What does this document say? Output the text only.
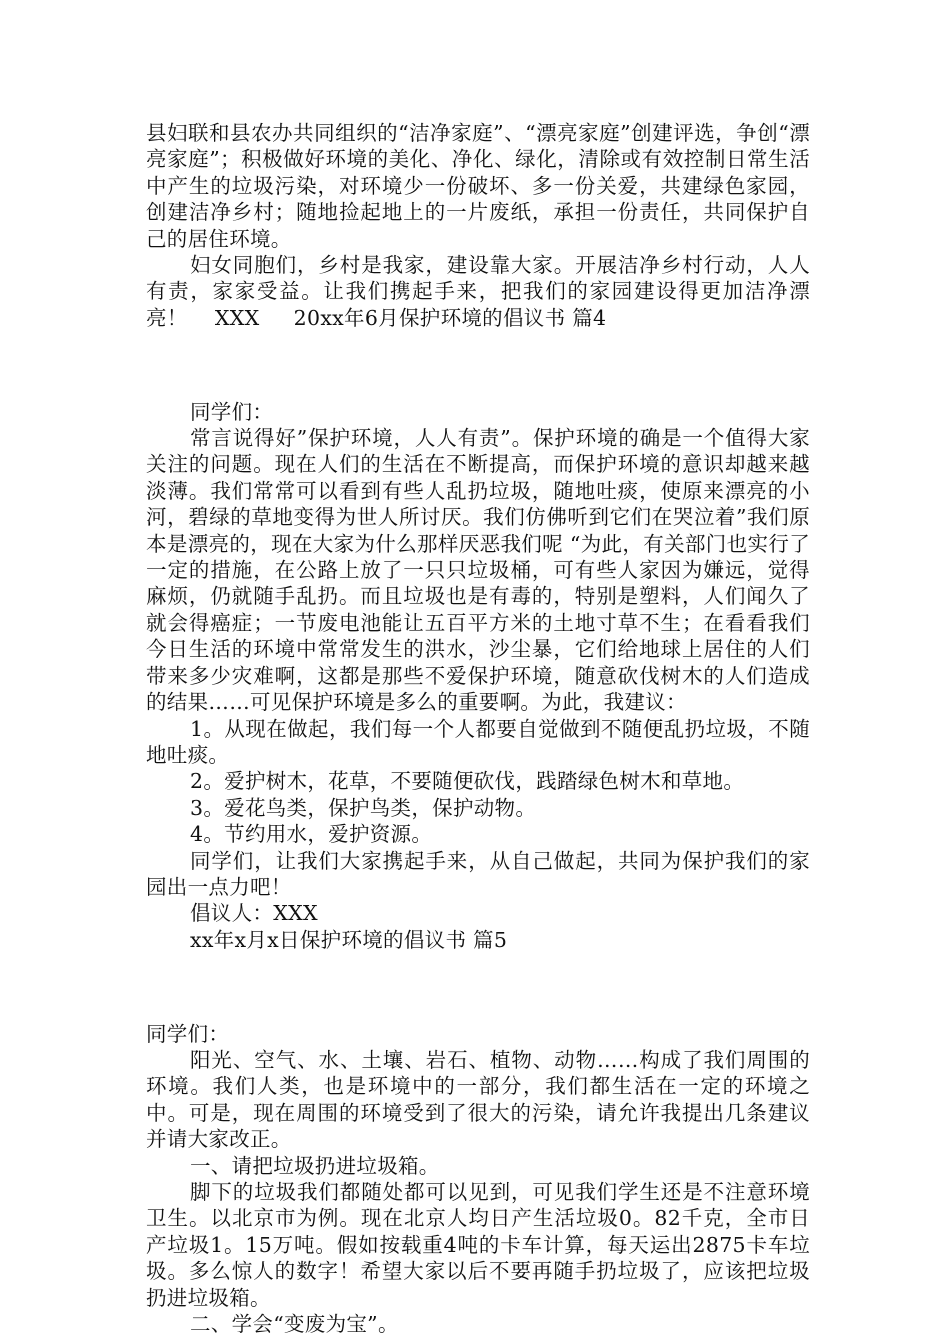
县妇联和县农办共同组织的“洁净家庭”、“漂亮家庭”创建评选，争创“漂亮家庭”；积极做好环境的美化、净化、绿化，清除或有效控制日常生活中产生的垃圾污染，对环境少一份破坏、多一份关爱，共建绿色家园，创建洁净乡村；随地捡起地上的一片废纸，承担一份责任，共同保护自己的居住环境。

妇女同胞们，乡村是我家，建设靠大家。开展洁净乡村行动，人人有责，家家受益。让我们携起手来，把我们的家园建设得更加洁净漂亮！    XXX     20xx年6月保护环境的倡议书 篇4

同学们：

常言说得好”保护环境，人人有责”。保护环境的确是一个值得大家关注的问题。现在人们的生活在不断提高，而保护环境的意识却越来越淡薄。我们常常可以看到有些人乱扔垃圾，随地吐痰，使原来漂亮的小河，碧绿的草地变得为世人所讨厌。我们仿佛听到它们在哭泣着”我们原本是漂亮的，现在大家为什么那样厌恶我们呢 “为此，有关部门也实行了一定的措施，在公路上放了一只只垃圾桶，可有些人家因为嫌远，觉得麻烦，仍就随手乱扔。而且垃圾也是有毒的，特别是塑料，人们闻久了就会得癌症；一节废电池能让五百平方米的土地寸草不生；在看看我们今日生活的环境中常常发生的洪水，沙尘暴，它们给地球上居住的人们带来多少灾难啊，这都是那些不爱保护环境，随意砍伐树木的人们造成的结果……可见保护环境是多么的重要啊。为此，我建议：

1。从现在做起，我们每一个人都要自觉做到不随便乱扔垃圾，不随地吐痰。

2。爱护树木，花草，不要随便砍伐，践踏绿色树木和草地。

3。爱花鸟类，保护鸟类，保护动物。

4。节约用水，爱护资源。

同学们，让我们大家携起手来，从自己做起，共同为保护我们的家园出一点力吧！

倡议人：XXX

xx年x月x日保护环境的倡议书 篇5

同学们：

阳光、空气、水、土壤、岩石、植物、动物……构成了我们周围的环境。我们人类，也是环境中的一部分，我们都生活在一定的环境之中。可是，现在周围的环境受到了很大的污染，请允许我提出几条建议并请大家改正。

一、请把垃圾扔进垃圾箱。

脚下的垃圾我们都随处都可以见到，可见我们学生还是不注意环境卫生。以北京市为例。现在北京人均日产生活垃圾0。82千克，全市日产垃圾1。15万吨。假如按载重4吨的卡车计算，每天运出2875卡车垃圾。多么惊人的数字！希望大家以后不要再随手扔垃圾了，应该把垃圾扔进垃圾箱。

二、学会“变废为宝”。
